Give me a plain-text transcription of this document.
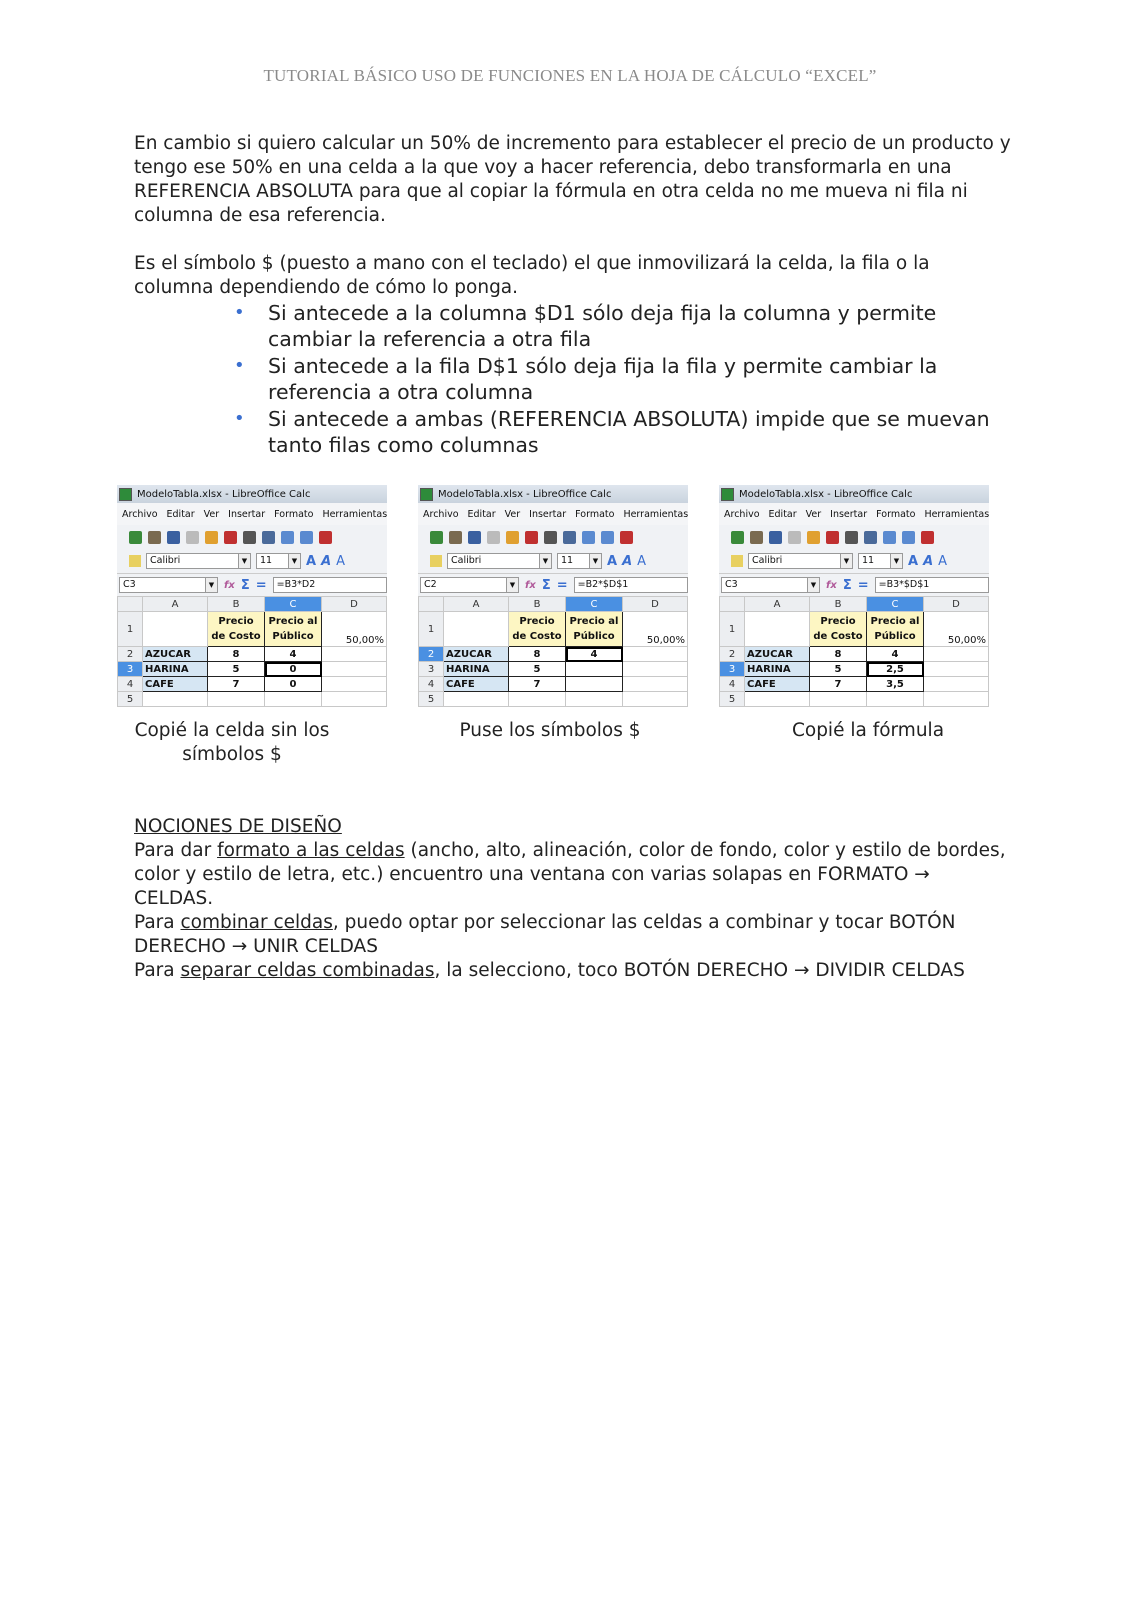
TUTORIAL BÁSICO USO DE FUNCIONES EN LA HOJA DE CÁLCULO “EXCEL”
En cambio si quiero calcular un 50% de incremento para establecer el precio de un producto y tengo ese 50% en una celda a la que voy a hacer referencia, debo transformarla en una REFERENCIA ABSOLUTA para que al copiar la fórmula en otra celda no me mueva ni fila ni columna de esa referencia.
Es el símbolo $ (puesto a mano con el teclado) el que inmovilizará la celda, la fila o la columna dependiendo de cómo lo ponga.
• Si antecede a la columna $D1 sólo deja fija la columna y permite cambiar la referencia a otra fila
• Si antecede a la fila D$1 sólo deja fija la fila y permite cambiar la referencia a otra columna
• Si antecede a ambas (REFERENCIA ABSOLUTA) impide que se muevan tanto filas como columnas
ModeloTabla.xlsx - LibreOffice Calc
Archivo Editar Ver Insertar Formato Herramientas
Calibri	▼	11	▼ A A A
C3	▼ fx Σ =	=B3*D2
	A	B	C	D
1		Precio de Costo	Precio al Público	50,00%
2	AZUCAR	8	4	
3	HARINA	5	0	
4	CAFE	7	0	
5				
Copié la celda sin los símbolos $
ModeloTabla.xlsx - LibreOffice Calc
Archivo Editar Ver Insertar Formato Herramientas
Calibri	▼	11	▼ A A A
C2	▼ fx Σ =	=B2*$D$1
	A	B	C	D
1		Precio de Costo	Precio al Público	50,00%
2	AZUCAR	8	4	
3	HARINA	5		
4	CAFE	7		
5				
Puse los símbolos $
ModeloTabla.xlsx - LibreOffice Calc
Archivo Editar Ver Insertar Formato Herramientas
Calibri	▼	11	▼ A A A
C3	▼ fx Σ =	=B3*$D$1
	A	B	C	D
1		Precio de Costo	Precio al Público	50,00%
2	AZUCAR	8	4	
3	HARINA	5	2,5	
4	CAFE	7	3,5	
5				
Copié la fórmula
NOCIONES DE DISEÑO
Para dar formato a las celdas (ancho, alto, alineación, color de fondo, color y estilo de bordes, color y estilo de letra, etc.) encuentro una ventana con varias solapas en FORMATO → CELDAS.
Para combinar celdas, puedo optar por seleccionar las celdas a combinar y tocar BOTÓN DERECHO → UNIR CELDAS
Para separar celdas combinadas, la selecciono, toco BOTÓN DERECHO → DIVIDIR CELDAS
